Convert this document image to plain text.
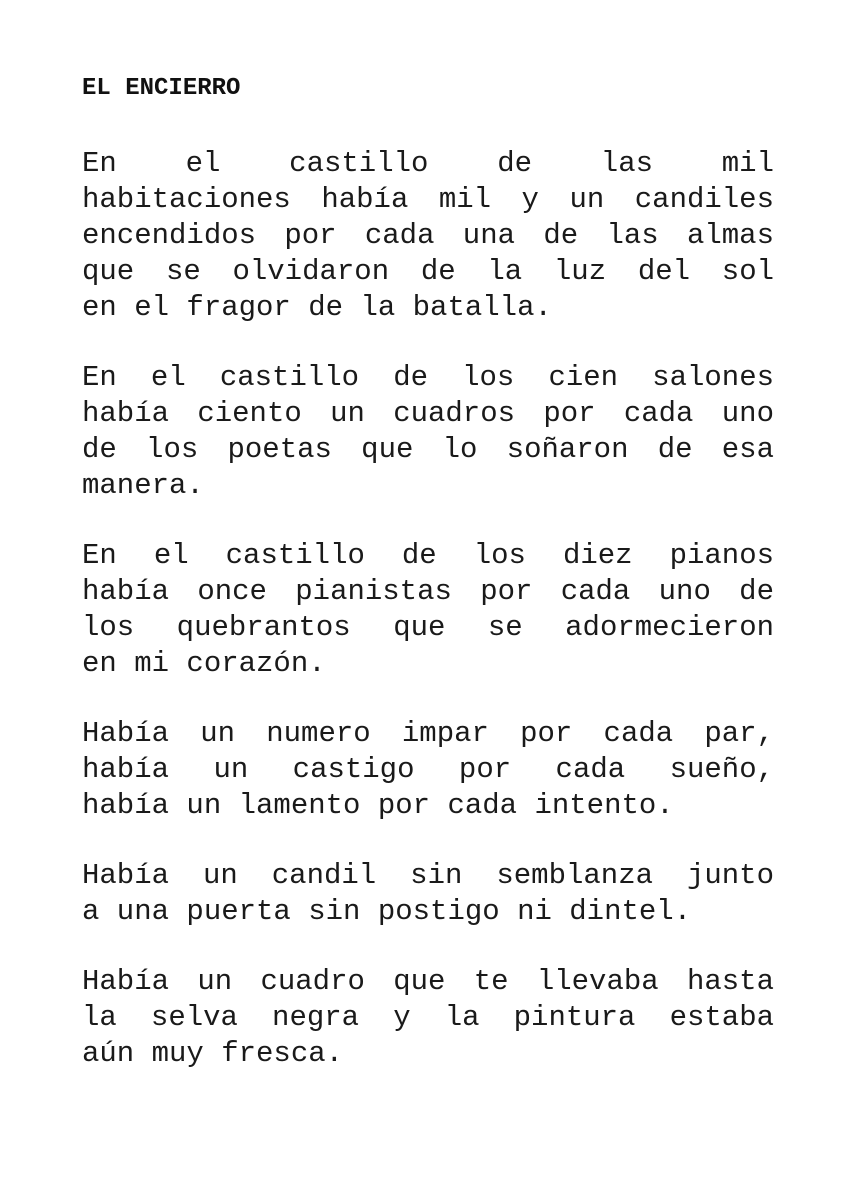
EL ENCIERRO

En el castillo de las mil
habitaciones había mil y un candiles
encendidos por cada una de las almas
que se olvidaron de la luz del sol
en el fragor de la batalla.

En el castillo de los cien salones
había ciento un cuadros por cada uno
de los poetas que lo soñaron de esa
manera.

En el castillo de los diez pianos
había once pianistas por cada uno de
los quebrantos que se adormecieron
en mi corazón.

Había un numero impar por cada par,
había un castigo por cada sueño,
había un lamento por cada intento.

Había un candil sin semblanza junto
a una puerta sin postigo ni dintel.

Había un cuadro que te llevaba hasta
la selva negra y la pintura estaba
aún muy fresca.
